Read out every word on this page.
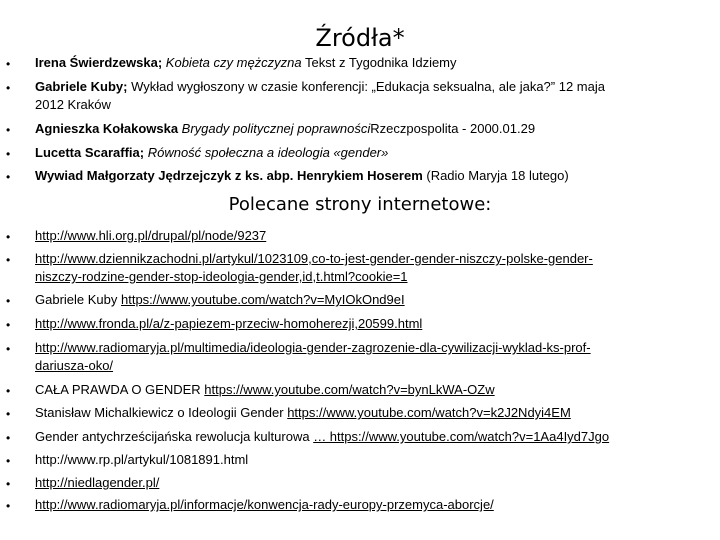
Źródła*
• Irena Świerdzewska; Kobieta czy mężczyzna Tekst z Tygodnika Idziemy
• Gabriele Kuby; Wykład wygłoszony w czasie konferencji: „Edukacja seksualna, ale jaka?” 12 maja
2012 Kraków
• Agnieszka Kołakowska Brygady politycznej poprawnościRzeczpospolita - 2000.01.29
• Lucetta Scaraffia; Równość społeczna a ideologia «gender»
• Wywiad Małgorzaty Jędrzejczyk z ks. abp. Henrykiem Hoserem (Radio Maryja 18 lutego)
Polecane strony internetowe:
• http://www.hli.org.pl/drupal/pl/node/9237
• http://www.dziennikzachodni.pl/artykul/1023109,co-to-jest-gender-gender-niszczy-polske-gender-
niszczy-rodzine-gender-stop-ideologia-gender,id,t.html?cookie=1
• Gabriele Kuby https://www.youtube.com/watch?v=MyIOkOnd9eI
• http://www.fronda.pl/a/z-papiezem-przeciw-homoherezji,20599.html
• http://www.radiomaryja.pl/multimedia/ideologia-gender-zagrozenie-dla-cywilizacji-wyklad-ks-prof-
dariusza-oko/
• CAŁA PRAWDA O GENDER https://www.youtube.com/watch?v=bynLkWA-OZw
• Stanisław Michalkiewicz o Ideologii Gender https://www.youtube.com/watch?v=k2J2Ndyi4EM
• Gender antychrześcijańska rewolucja kulturowa … https://www.youtube.com/watch?v=1Aa4Iyd7Jgo
• http://www.rp.pl/artykul/1081891.html
• http://niedlagender.pl/
• http://www.radiomaryja.pl/informacje/konwencja-rady-europy-przemyca-aborcje/
